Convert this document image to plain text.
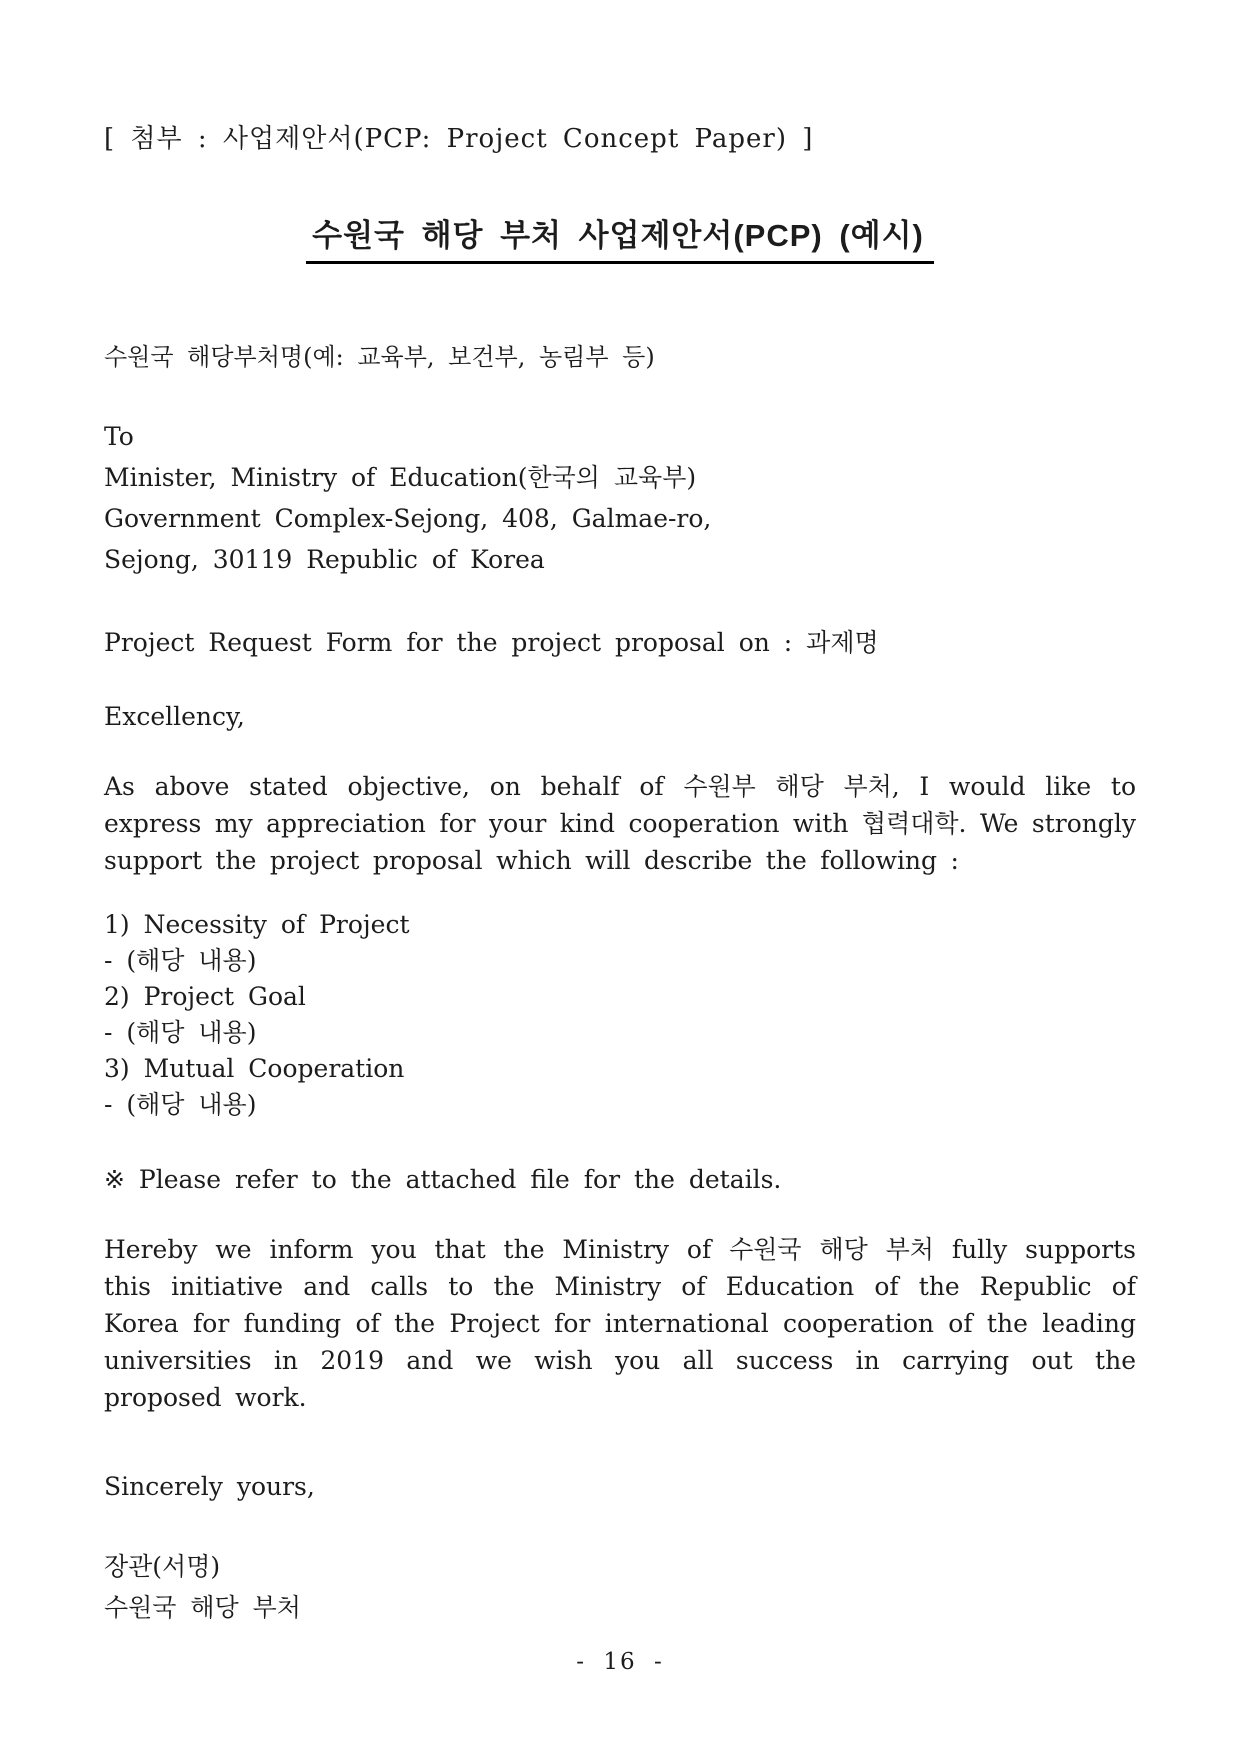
[ 첨부 : 사업제안서(PCP: Project Concept Paper) ]
수원국 해당 부처 사업제안서(PCP) (예시)
수원국 해당부처명(예: 교육부, 보건부, 농림부 등)
To
Minister, Ministry of Education(한국의 교육부)
Government Complex-Sejong, 408, Galmae-ro,
Sejong, 30119 Republic of Korea
Project Request Form for the project proposal on : 과제명
Excellency,
As above stated objective, on behalf of 수원부 해당 부처, I would like to express my appreciation for your kind cooperation with 협력대학. We strongly support the project proposal which will describe the following :
1) Necessity of Project
- (해당 내용)
2) Project Goal
- (해당 내용)
3) Mutual Cooperation
- (해당 내용)
※ Please refer to the attached file for the details.
Hereby we inform you that the Ministry of 수원국 해당 부처 fully supports this initiative and calls to the Ministry of Education of the Republic of Korea for funding of the Project for international cooperation of the leading universities in 2019 and we wish you all success in carrying out the proposed work.
Sincerely yours,
장관(서명)
수원국 해당 부처
- 16 -
